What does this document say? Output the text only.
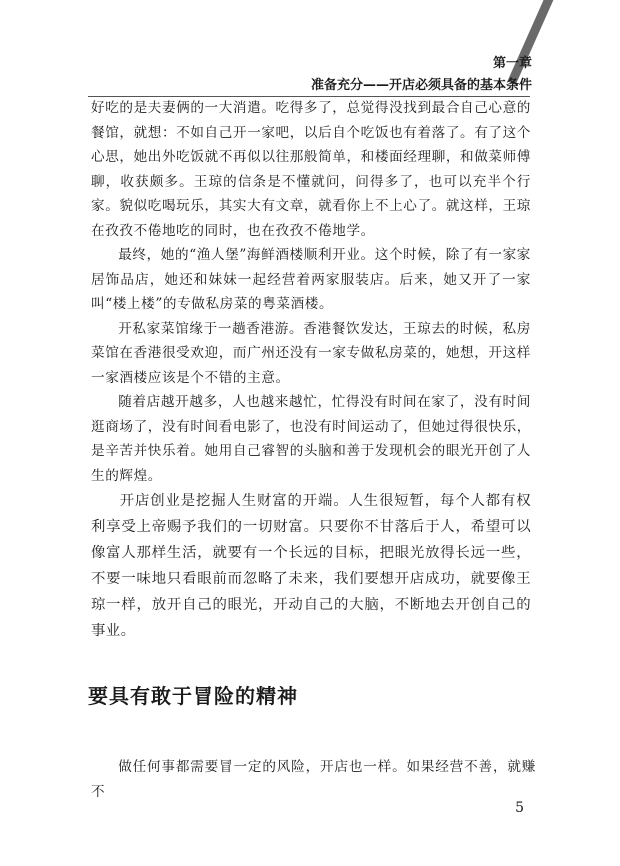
第一章

准备充分——开店必须具备的基本条件

好吃的是夫妻俩的一大消遣。吃得多了，总觉得没找到最合自己心意的餐馆，就想：不如自己开一家吧，以后自个吃饭也有着落了。有了这个心思，她出外吃饭就不再似以往那般简单，和楼面经理聊，和做菜师傅聊，收获颇多。王琼的信条是不懂就问，问得多了，也可以充半个行家。貌似吃喝玩乐，其实大有文章，就看你上不上心了。就这样，王琼在孜孜不倦地吃的同时，也在孜孜不倦地学。

最终，她的“渔人堡”海鲜酒楼顺利开业。这个时候，除了有一家家居饰品店，她还和妹妹一起经营着两家服装店。后来，她又开了一家叫“楼上楼”的专做私房菜的粤菜酒楼。

开私家菜馆缘于一趟香港游。香港餐饮发达，王琼去的时候，私房菜馆在香港很受欢迎，而广州还没有一家专做私房菜的，她想，开这样一家酒楼应该是个不错的主意。

随着店越开越多，人也越来越忙，忙得没有时间在家了，没有时间逛商场了，没有时间看电影了，也没有时间运动了，但她过得很快乐，是辛苦并快乐着。她用自己睿智的头脑和善于发现机会的眼光开创了人生的辉煌。

开店创业是挖掘人生财富的开端。人生很短暂，每个人都有权利享受上帝赐予我们的一切财富。只要你不甘落后于人，希望可以像富人那样生活，就要有一个长远的目标，把眼光放得长远一些，不要一味地只看眼前而忽略了未来，我们要想开店成功，就要像王琼一样，放开自己的眼光，开动自己的大脑，不断地去开创自己的事业。

要具有敢于冒险的精神

做任何事都需要冒一定的风险，开店也一样。如果经营不善，就赚不

5
